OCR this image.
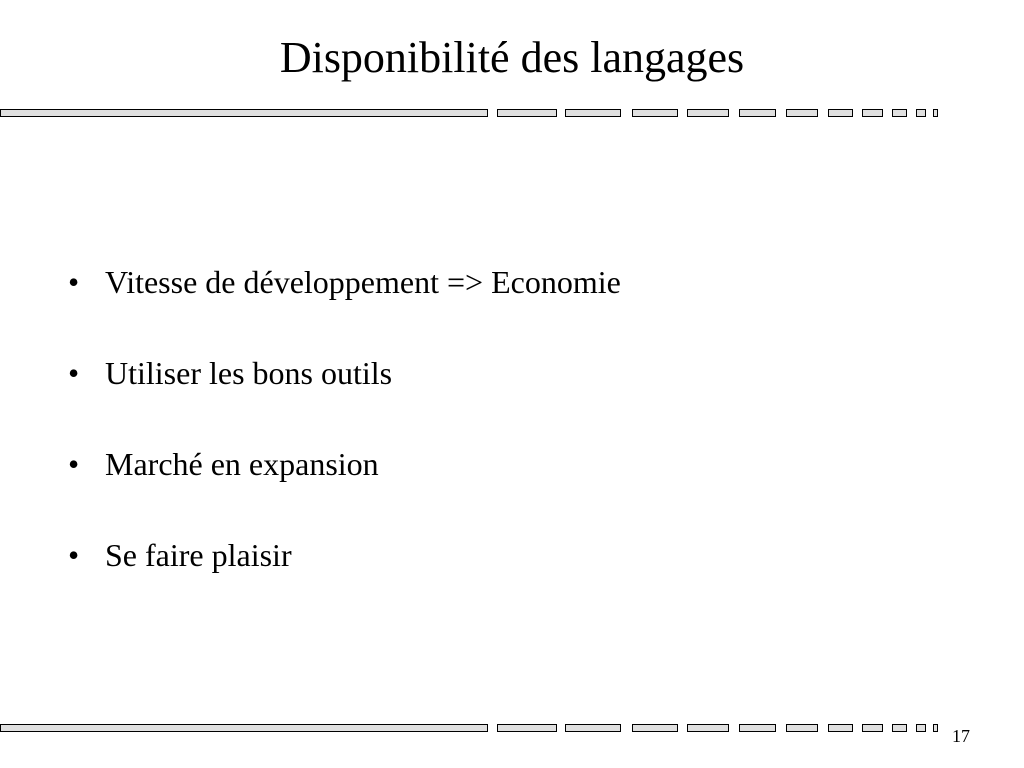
Disponibilité des langages
• Vitesse de développement => Economie
• Utiliser les bons outils
• Marché en expansion
• Se faire plaisir
17
